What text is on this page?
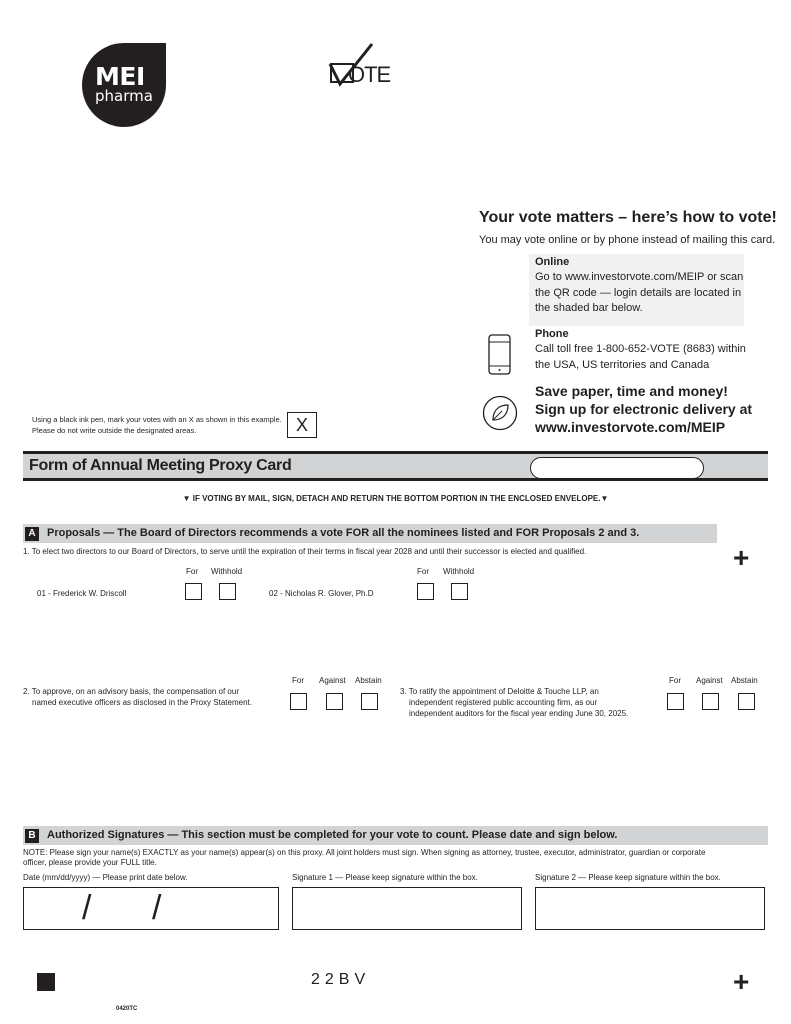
MEI
pharma
OTE
Your vote matters – here’s how to vote!
You may vote online or by phone instead of mailing this card.
Online
Go to www.investorvote.com/MEIP or scan
the QR code — login details are located in
the shaded bar below.
Phone
Call toll free 1-800-652-VOTE (8683) within
the USA, US territories and Canada
Save paper, time and money!
Sign up for electronic delivery at
www.investorvote.com/MEIP
Using a black ink pen, mark your votes with an X as shown in this example.
Please do not write outside the designated areas.	X
Form of Annual Meeting Proxy Card
▼ IF VOTING BY MAIL, SIGN, DETACH AND RETURN THE BOTTOM PORTION IN THE ENCLOSED ENVELOPE.▼
A	Proposals — The Board of Directors recommends a vote FOR all the nominees listed and FOR Proposals 2 and 3.
+
1. To elect two directors to our Board of Directors, to serve until the expiration of their terms in fiscal year 2028 and until their successor is elected and qualified.
For Withhold	For Withhold
01 - Frederick W. Driscoll	02 - Nicholas R. Glover, Ph.D
For Against Abstain
2. To approve, on an advisory basis, the compensation of our
named executive officers as disclosed in the Proxy Statement.
For Against Abstain
3. To ratify the appointment of Deloitte & Touche LLP, an
independent registered public accounting firm, as our
independent auditors for the fiscal year ending June 30, 2025.
B	Authorized Signatures — This section must be completed for your vote to count. Please date and sign below.
NOTE: Please sign your name(s) EXACTLY as your name(s) appear(s) on this proxy. All joint holders must sign. When signing as attorney, trustee, executor, administrator, guardian or corporate
officer, please provide your FULL title.
Date (mm/dd/yyyy) — Please print date below.	Signature 1 — Please keep signature within the box.	Signature 2 — Please keep signature within the box.
/ /
22BV	+
0420TC
